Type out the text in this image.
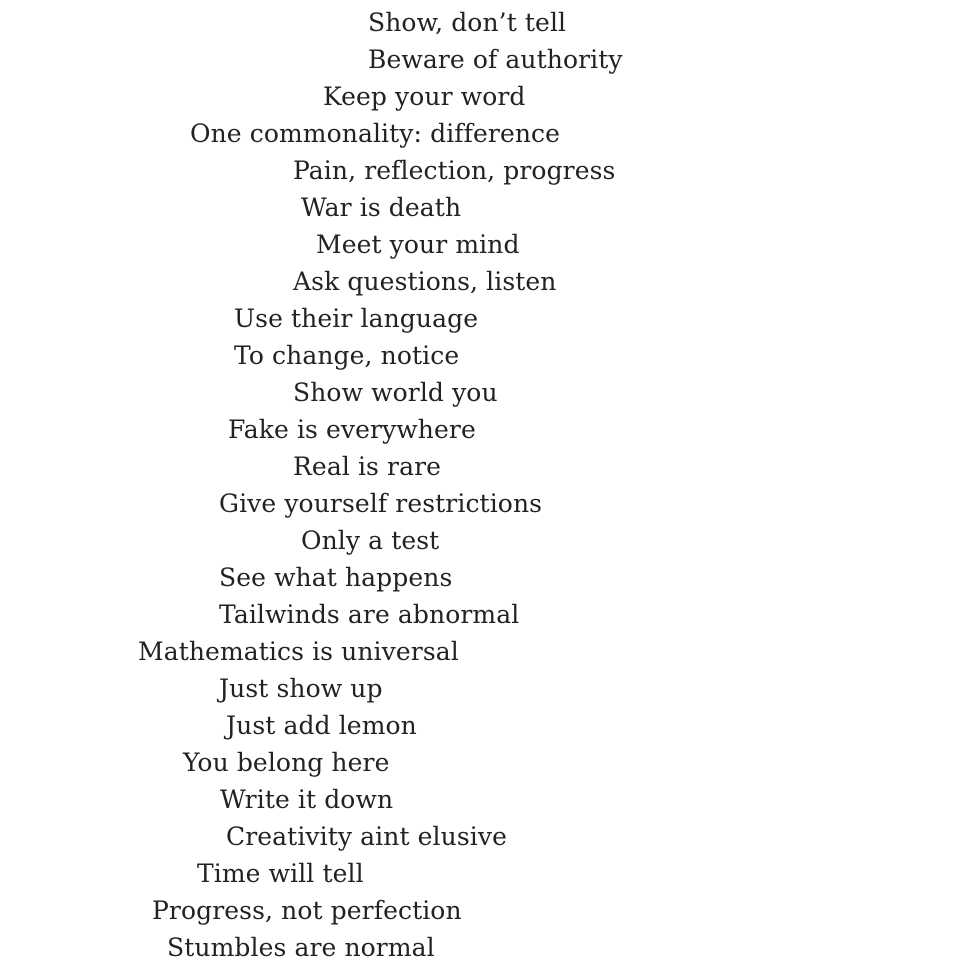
Show, don’t tell
Beware of authority
Keep your word
One commonality: difference
Pain, reflection, progress
War is death
Meet your mind
Ask questions, listen
Use their language
To change, notice
Show world you
Fake is everywhere
Real is rare
Give yourself restrictions
Only a test
See what happens
Tailwinds are abnormal
Mathematics is universal
Just show up
Just add lemon
You belong here
Write it down
Creativity aint elusive
Time will tell
Progress, not perfection
Stumbles are normal
